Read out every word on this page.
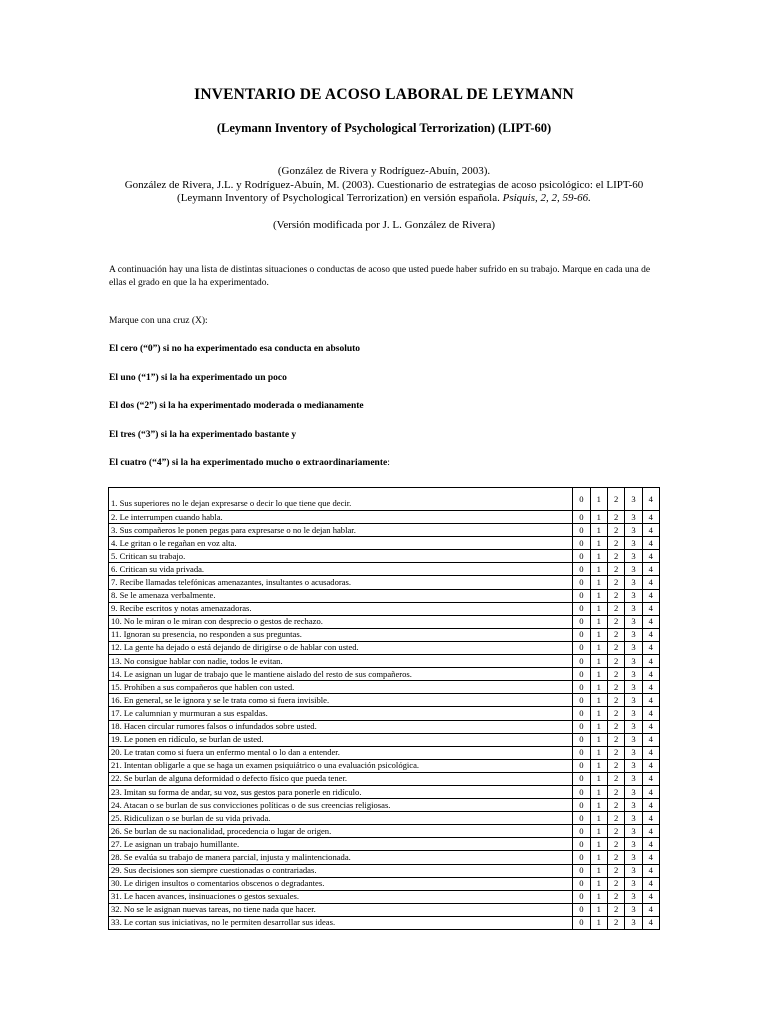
INVENTARIO DE ACOSO LABORAL DE LEYMANN
(Leymann Inventory of Psychological Terrorization) (LIPT-60)
(González de Rivera y Rodríguez-Abuín, 2003).
González de Rivera, J.L. y Rodríguez-Abuín, M. (2003). Cuestionario de estrategias de acoso psicológico: el LIPT-60
(Leymann Inventory of Psychological Terrorization) en versión española. Psiquis, 2, 2, 59-66.
(Versión modificada por J. L. González de Rivera)
A continuación hay una lista de distintas situaciones o conductas de acoso que usted puede haber sufrido en su trabajo. Marque en cada una de ellas el grado en que la ha experimentado.
Marque con una cruz (X):
El cero (“0”) si no ha experimentado esa conducta en absoluto
El uno (“1”) si la ha experimentado un poco
El dos (“2”) si la ha experimentado moderada o medianamente
El tres (“3”) si la ha experimentado bastante y
El cuatro (“4”) si la ha experimentado mucho o extraordinariamente:
1. Sus superiores no le dejan expresarse o decir lo que tiene que decir.	0	1	2	3	4
2. Le interrumpen cuando habla.	0	1	2	3	4
3. Sus compañeros le ponen pegas para expresarse o no le dejan hablar.	0	1	2	3	4
4. Le gritan o le regañan en voz alta.	0	1	2	3	4
5. Critican su trabajo.	0	1	2	3	4
6. Critican su vida privada.	0	1	2	3	4
7. Recibe llamadas telefónicas amenazantes, insultantes o acusadoras.	0	1	2	3	4
8. Se le amenaza verbalmente.	0	1	2	3	4
9. Recibe escritos y notas amenazadoras.	0	1	2	3	4
10. No le miran o le miran con desprecio o gestos de rechazo.	0	1	2	3	4
11. Ignoran su presencia, no responden a sus preguntas.	0	1	2	3	4
12. La gente ha dejado o está dejando de dirigirse o de hablar con usted.	0	1	2	3	4
13. No consigue hablar con nadie, todos le evitan.	0	1	2	3	4
14. Le asignan un lugar de trabajo que le mantiene aislado del resto de sus compañeros.	0	1	2	3	4
15. Prohíben a sus compañeros que hablen con usted.	0	1	2	3	4
16. En general, se le ignora y se le trata como si fuera invisible.	0	1	2	3	4
17. Le calumnian y murmuran a sus espaldas.	0	1	2	3	4
18. Hacen circular rumores falsos o infundados sobre usted.	0	1	2	3	4
19. Le ponen en ridículo, se burlan de usted.	0	1	2	3	4
20. Le tratan como si fuera un enfermo mental o lo dan a entender.	0	1	2	3	4
21. Intentan obligarle a que se haga un examen psiquiátrico o una evaluación psicológica.	0	1	2	3	4
22. Se burlan de alguna deformidad o defecto físico que pueda tener.	0	1	2	3	4
23. Imitan su forma de andar, su voz, sus gestos para ponerle en ridículo.	0	1	2	3	4
24. Atacan o se burlan de sus convicciones políticas o de sus creencias religiosas.	0	1	2	3	4
25. Ridiculizan o se burlan de su vida privada.	0	1	2	3	4
26. Se burlan de su nacionalidad, procedencia o lugar de origen.	0	1	2	3	4
27. Le asignan un trabajo humillante.	0	1	2	3	4
28. Se evalúa su trabajo de manera parcial, injusta y malintencionada.	0	1	2	3	4
29. Sus decisiones son siempre cuestionadas o contrariadas.	0	1	2	3	4
30. Le dirigen insultos o comentarios obscenos o degradantes.	0	1	2	3	4
31. Le hacen avances, insinuaciones o gestos sexuales.	0	1	2	3	4
32. No se le asignan nuevas tareas, no tiene nada que hacer.	0	1	2	3	4
33. Le cortan sus iniciativas, no le permiten desarrollar sus ideas.	0	1	2	3	4
